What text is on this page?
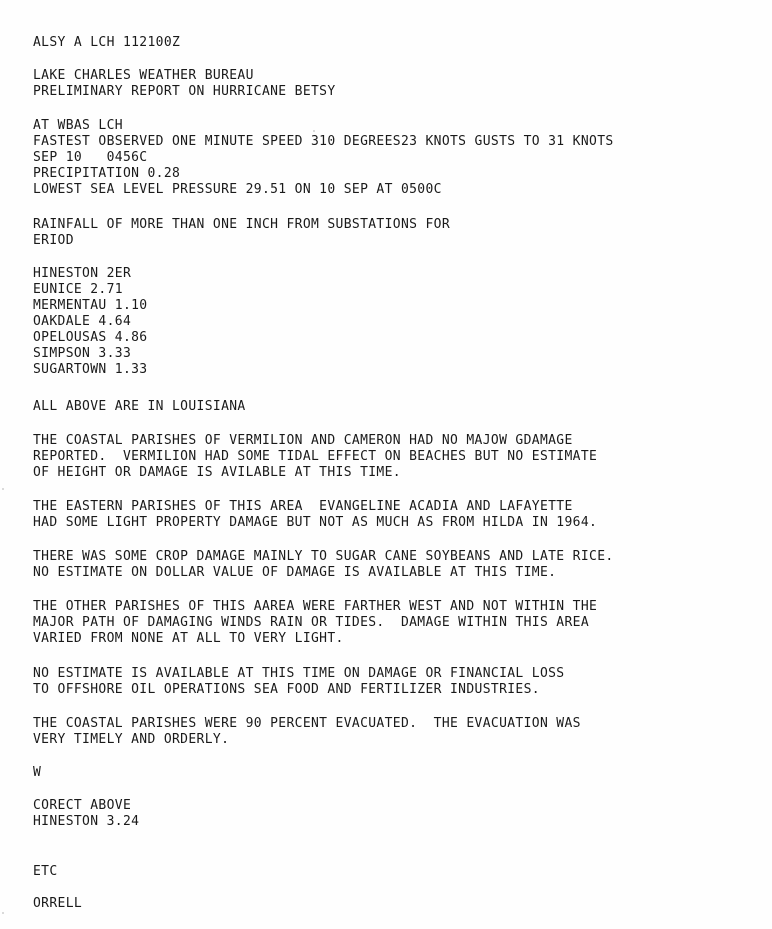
ALSY A LCH 112100Z

LAKE CHARLES WEATHER BUREAU

PRELIMINARY REPORT ON HURRICANE BETSY

AT WBAS LCH

FASTEST OBSERVED ONE MINUTE SPEED 310 DEGREES23 KNOTS GUSTS TO 31 KNOTS

SEP 10   0456C

PRECIPITATION 0.28

LOWEST SEA LEVEL PRESSURE 29.51 ON 10 SEP AT 0500C

RAINFALL OF MORE THAN ONE INCH FROM SUBSTATIONS FOR

ERIOD

HINESTON 2ER

EUNICE 2.71

MERMENTAU 1.10

OAKDALE 4.64

OPELOUSAS 4.86

SIMPSON 3.33

SUGARTOWN 1.33

ALL ABOVE ARE IN LOUISIANA

THE COASTAL PARISHES OF VERMILION AND CAMERON HAD NO MAJOW GDAMAGE

REPORTED.  VERMILION HAD SOME TIDAL EFFECT ON BEACHES BUT NO ESTIMATE

OF HEIGHT OR DAMAGE IS AVILABLE AT THIS TIME.

THE EASTERN PARISHES OF THIS AREA  EVANGELINE ACADIA AND LAFAYETTE

HAD SOME LIGHT PROPERTY DAMAGE BUT NOT AS MUCH AS FROM HILDA IN 1964.

THERE WAS SOME CROP DAMAGE MAINLY TO SUGAR CANE SOYBEANS AND LATE RICE.

NO ESTIMATE ON DOLLAR VALUE OF DAMAGE IS AVAILABLE AT THIS TIME.

THE OTHER PARISHES OF THIS AAREA WERE FARTHER WEST AND NOT WITHIN THE

MAJOR PATH OF DAMAGING WINDS RAIN OR TIDES.  DAMAGE WITHIN THIS AREA

VARIED FROM NONE AT ALL TO VERY LIGHT.

NO ESTIMATE IS AVAILABLE AT THIS TIME ON DAMAGE OR FINANCIAL LOSS

TO OFFSHORE OIL OPERATIONS SEA FOOD AND FERTILIZER INDUSTRIES.

THE COASTAL PARISHES WERE 90 PERCENT EVACUATED.  THE EVACUATION WAS

VERY TIMELY AND ORDERLY.

W

CORECT ABOVE

HINESTON 3.24

ETC

ORRELL
